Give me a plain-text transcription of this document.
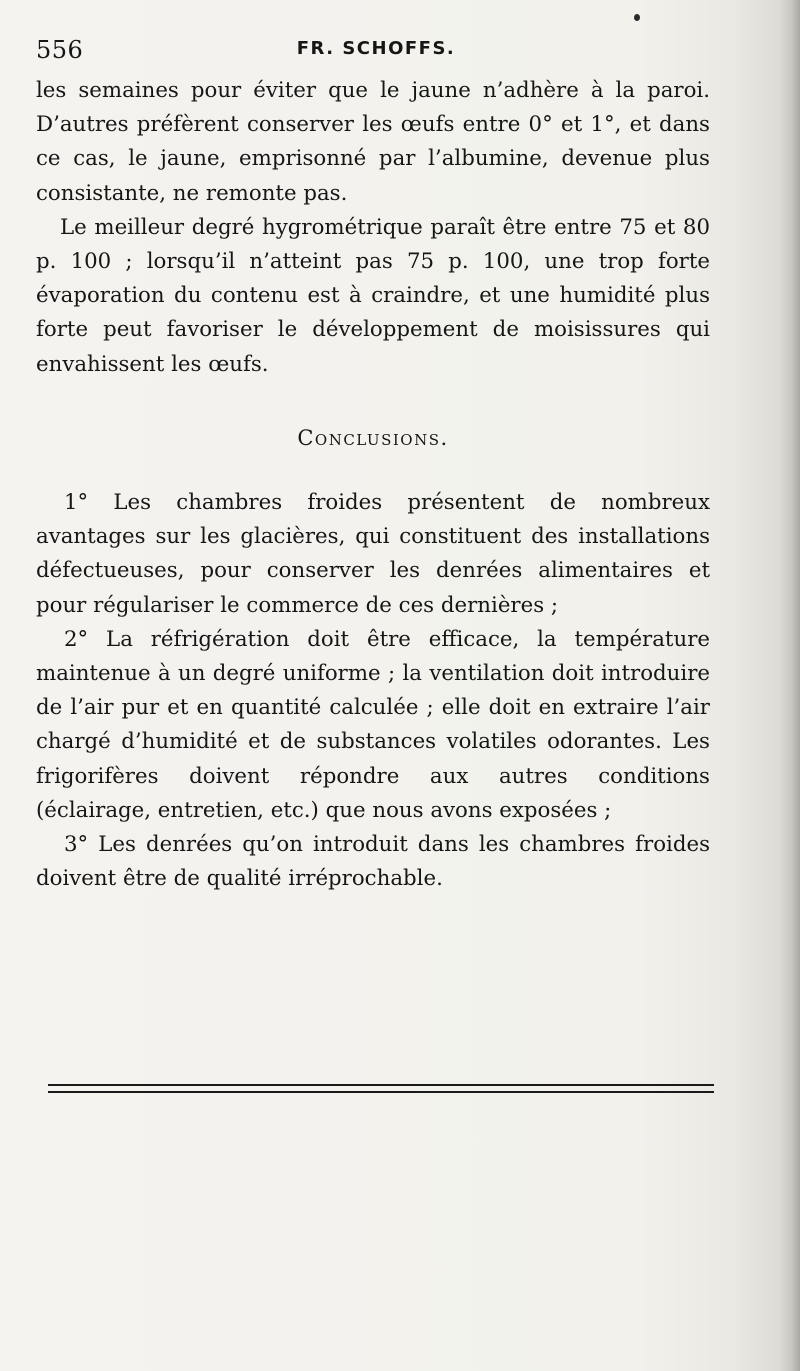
556	FR. SCHOFFS.

les semaines pour éviter que le jaune n’adhère à la paroi. D’autres préfèrent conserver les œufs entre 0° et 1°, et dans ce cas, le jaune, emprisonné par l’albumine, devenue plus consistante, ne remonte pas.

Le meilleur degré hygrométrique paraît être entre 75 et 80 p. 100 ; lorsqu’il n’atteint pas 75 p. 100, une trop forte évaporation du contenu est à craindre, et une humidité plus forte peut favoriser le développement de moisissures qui envahissent les œufs.

Conclusions.

1° Les chambres froides présentent de nombreux avantages sur les glacières, qui constituent des installations défectueuses, pour conserver les denrées alimentaires et pour régulariser le commerce de ces dernières ;

2° La réfrigération doit être efficace, la température maintenue à un degré uniforme ; la ventilation doit introduire de l’air pur et en quantité calculée ; elle doit en extraire l’air chargé d’humidité et de substances volatiles odorantes. Les frigorifères doivent répondre aux autres conditions (éclairage, entretien, etc.) que nous avons exposées ;

3° Les denrées qu’on introduit dans les chambres froides doivent être de qualité irréprochable.
